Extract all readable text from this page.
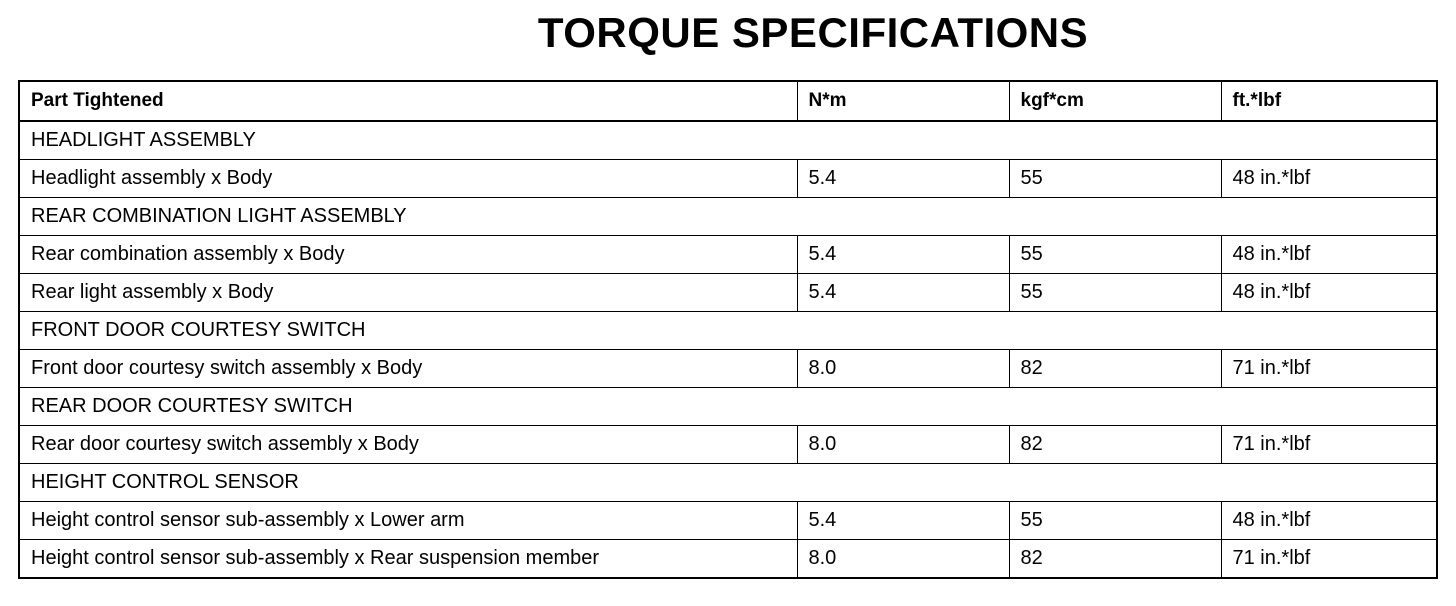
TORQUE SPECIFICATIONS
Part Tightened	N*m	kgf*cm	ft.*lbf
HEADLIGHT ASSEMBLY			
Headlight assembly x Body	5.4	55	48 in.*lbf
REAR COMBINATION LIGHT ASSEMBLY			
Rear combination assembly x Body	5.4	55	48 in.*lbf
Rear light assembly x Body	5.4	55	48 in.*lbf
FRONT DOOR COURTESY SWITCH			
Front door courtesy switch assembly x Body	8.0	82	71 in.*lbf
REAR DOOR COURTESY SWITCH			
Rear door courtesy switch assembly x Body	8.0	82	71 in.*lbf
HEIGHT CONTROL SENSOR			
Height control sensor sub-assembly x Lower arm	5.4	55	48 in.*lbf
Height control sensor sub-assembly x Rear suspension member	8.0	82	71 in.*lbf
